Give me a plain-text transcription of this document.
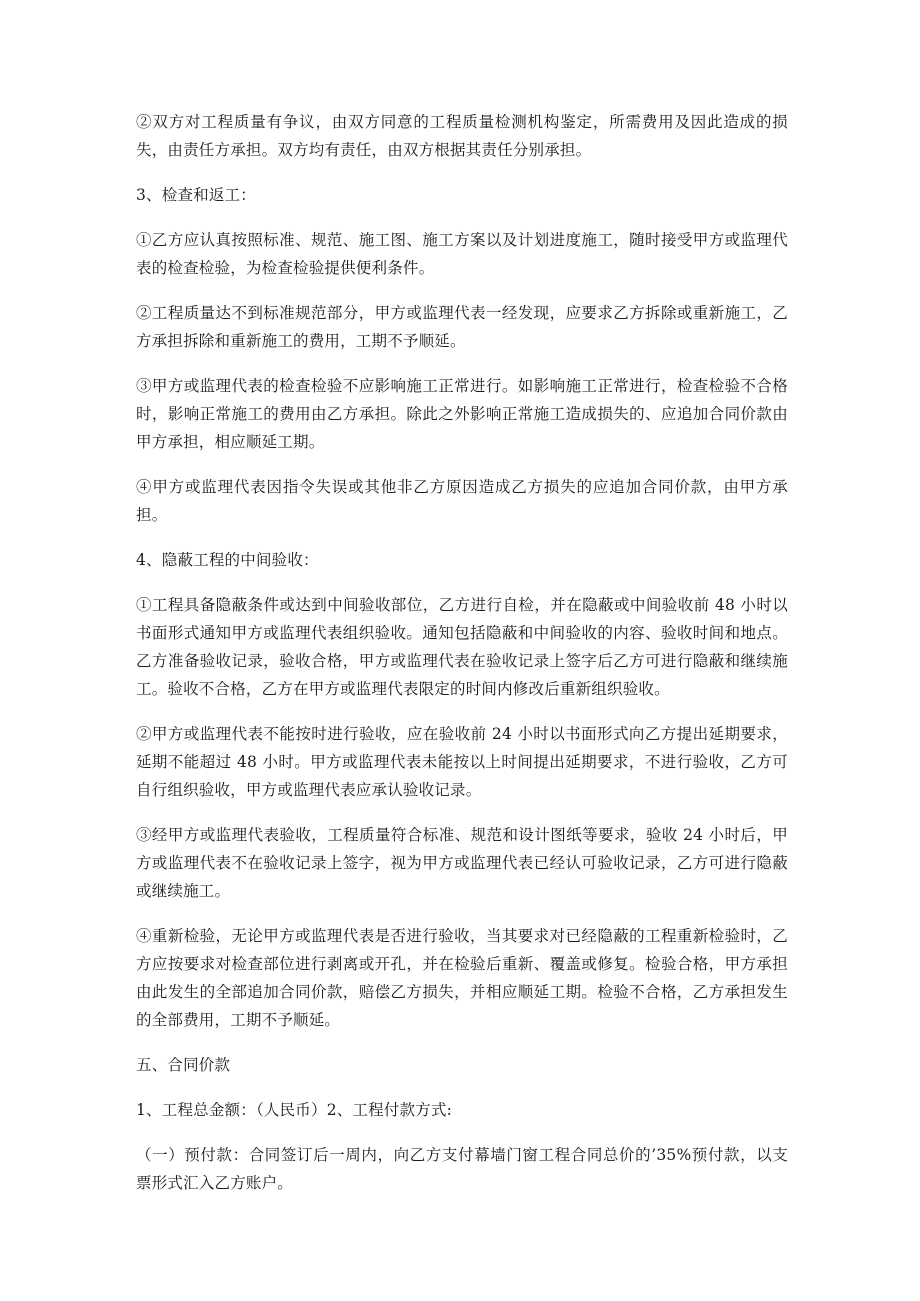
②双方对工程质量有争议，由双方同意的工程质量检测机构鉴定，所需费用及因此造成的损失，由责任方承担。双方均有责任，由双方根据其责任分别承担。

3、检查和返工：

①乙方应认真按照标准、规范、施工图、施工方案以及计划进度施工，随时接受甲方或监理代表的检查检验，为检查检验提供便利条件。

②工程质量达不到标准规范部分，甲方或监理代表一经发现，应要求乙方拆除或重新施工，乙方承担拆除和重新施工的费用，工期不予顺延。

③甲方或监理代表的检查检验不应影响施工正常进行。如影响施工正常进行，检查检验不合格时，影响正常施工的费用由乙方承担。除此之外影响正常施工造成损失的、应追加合同价款由甲方承担，相应顺延工期。

④甲方或监理代表因指令失误或其他非乙方原因造成乙方损失的应追加合同价款，由甲方承担。

4、隐蔽工程的中间验收：

①工程具备隐蔽条件或达到中间验收部位，乙方进行自检，并在隐蔽或中间验收前 48 小时以书面形式通知甲方或监理代表组织验收。通知包括隐蔽和中间验收的内容、验收时间和地点。乙方准备验收记录，验收合格，甲方或监理代表在验收记录上签字后乙方可进行隐蔽和继续施工。验收不合格，乙方在甲方或监理代表限定的时间内修改后重新组织验收。

②甲方或监理代表不能按时进行验收，应在验收前 24 小时以书面形式向乙方提出延期要求，延期不能超过 48 小时。甲方或监理代表未能按以上时间提出延期要求，不进行验收，乙方可自行组织验收，甲方或监理代表应承认验收记录。

③经甲方或监理代表验收，工程质量符合标准、规范和设计图纸等要求，验收 24 小时后，甲方或监理代表不在验收记录上签字，视为甲方或监理代表已经认可验收记录，乙方可进行隐蔽或继续施工。

④重新检验，无论甲方或监理代表是否进行验收，当其要求对已经隐蔽的工程重新检验时，乙方应按要求对检查部位进行剥离或开孔，并在检验后重新、覆盖或修复。检验合格，甲方承担由此发生的全部追加合同价款，赔偿乙方损失，并相应顺延工期。检验不合格，乙方承担发生的全部费用，工期不予顺延。

五、合同价款

1、工程总金额：（人民币）2、工程付款方式:

（一）预付款：合同签订后一周内，向乙方支付幕墙门窗工程合同总价的’35%预付款，以支票形式汇入乙方账户。
